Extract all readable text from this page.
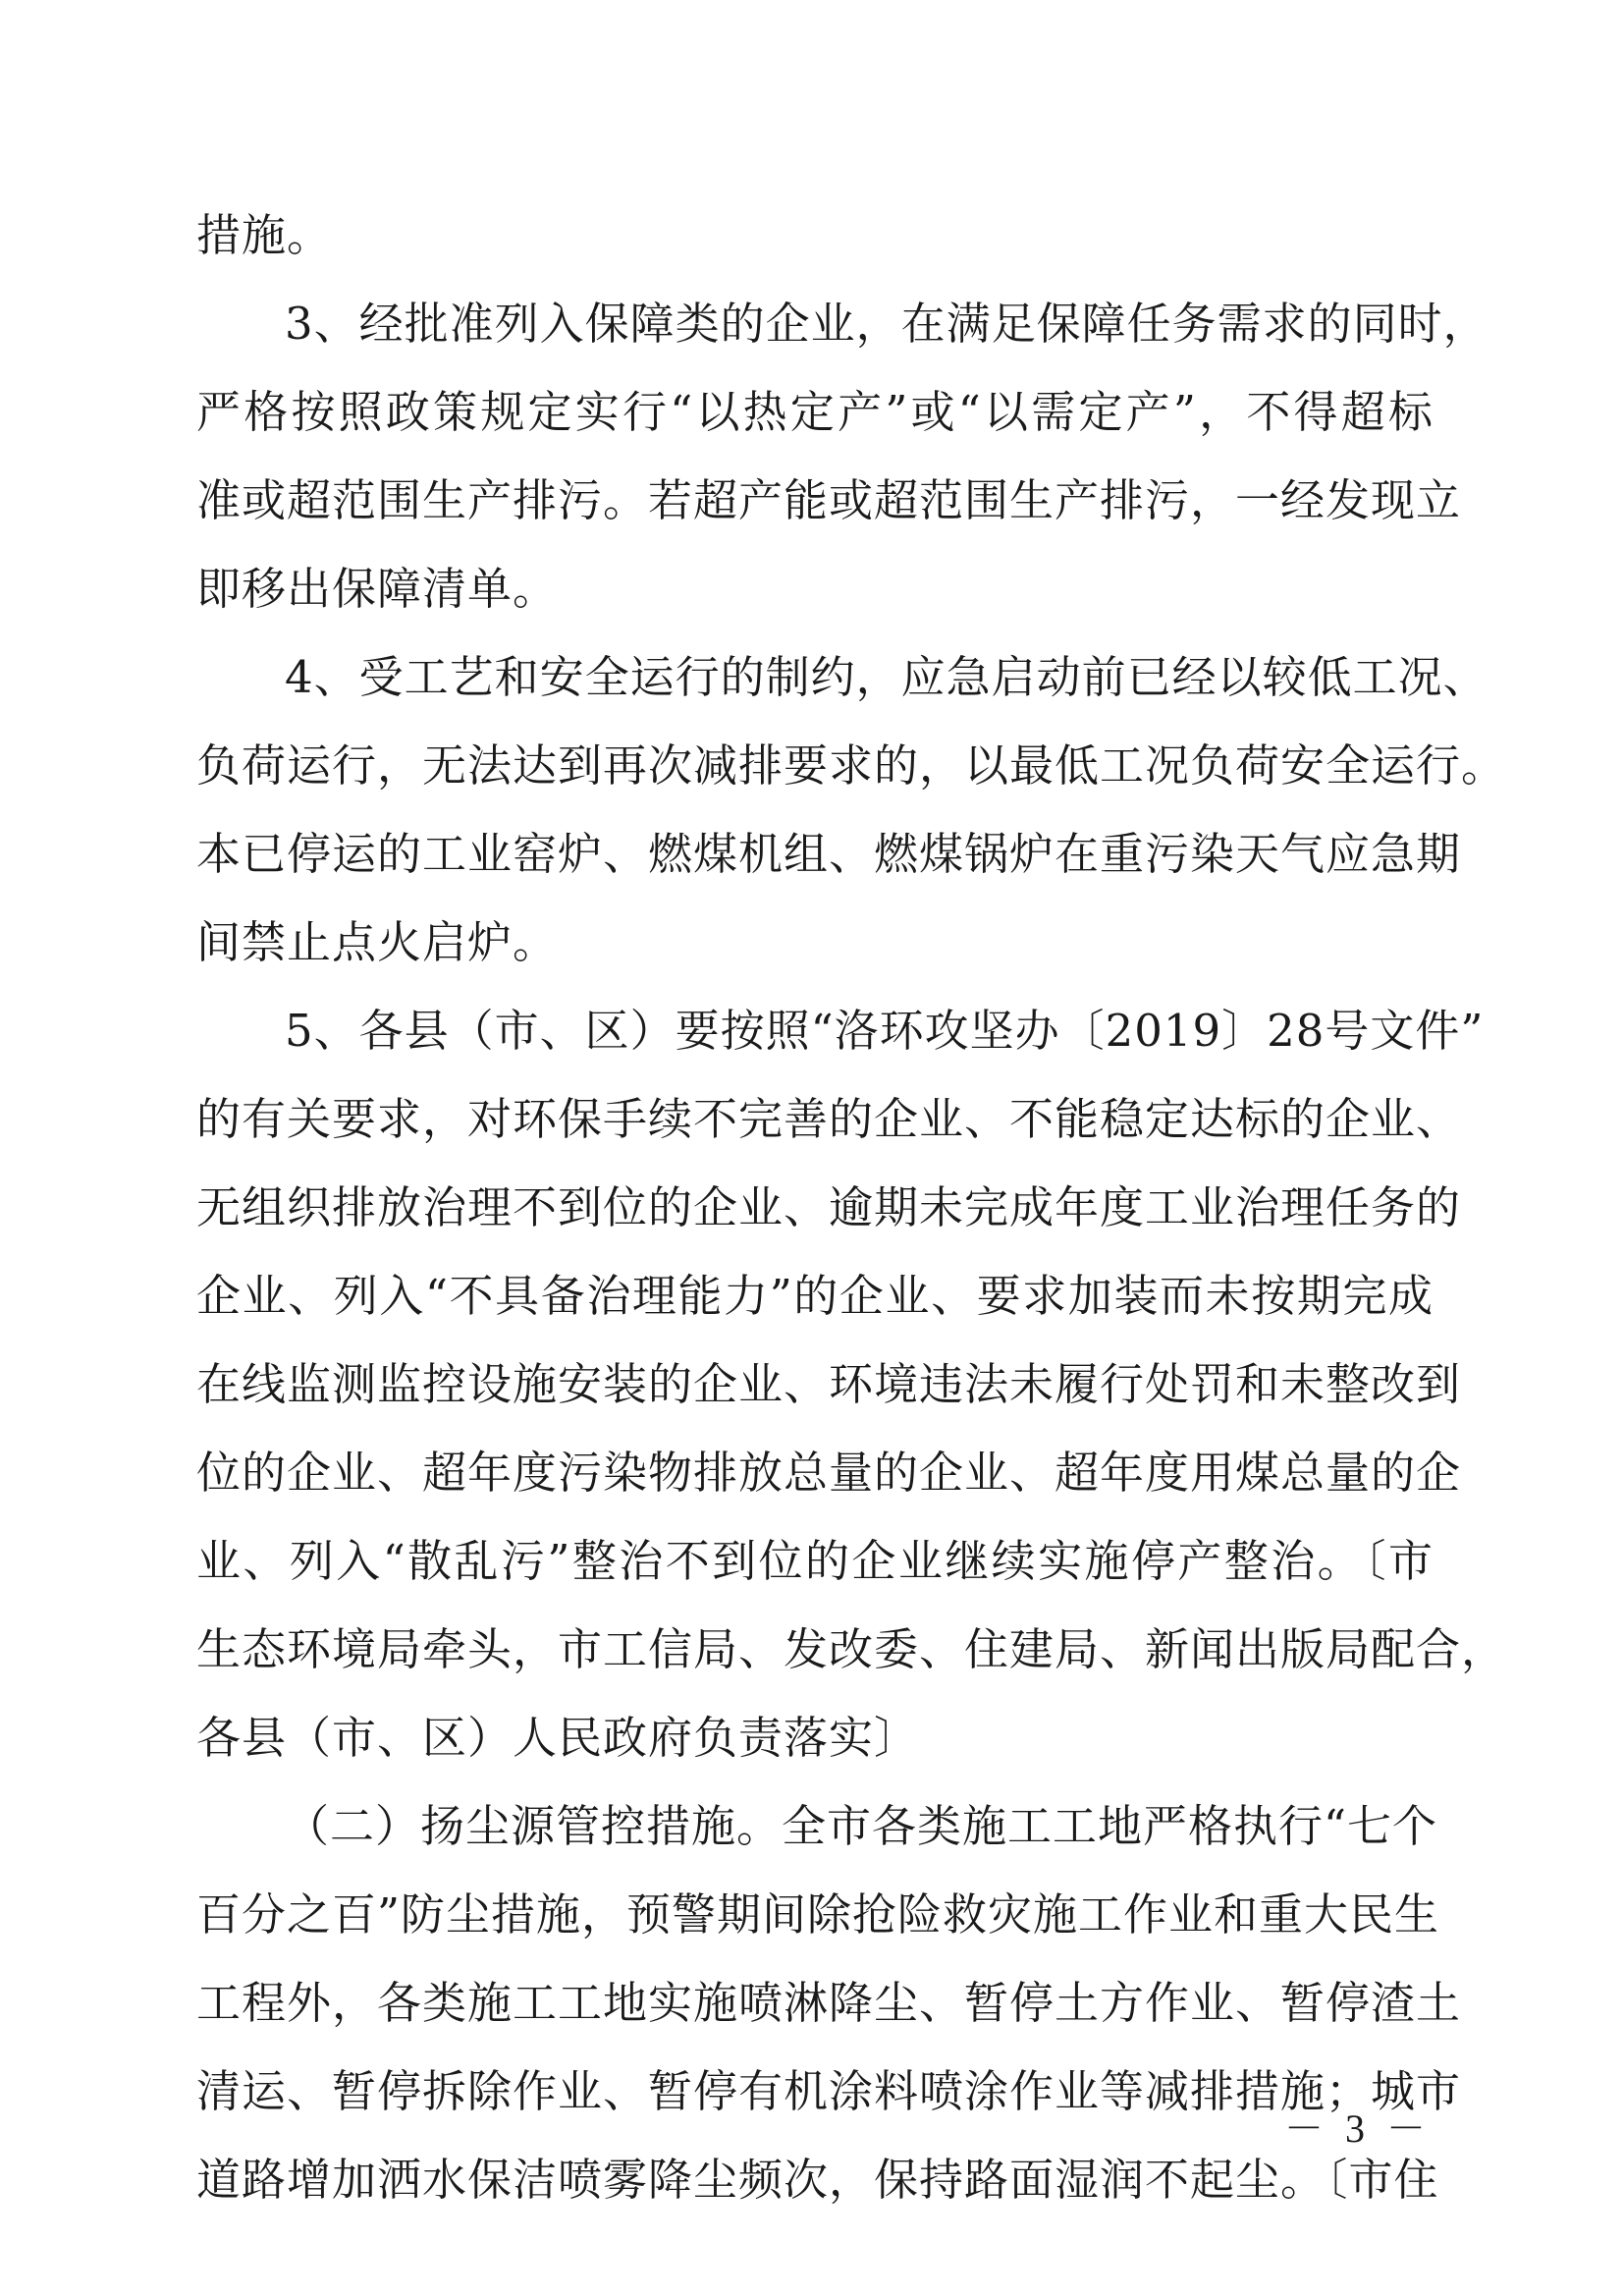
措施。
3、经批准列入保障类的企业，在满足保障任务需求的同时，
严格按照政策规定实行“以热定产”或“以需定产”，不得超标
准或超范围生产排污。若超产能或超范围生产排污，一经发现立
即移出保障清单。
4、受工艺和安全运行的制约，应急启动前已经以较低工况、
负荷运行，无法达到再次减排要求的，以最低工况负荷安全运行。
本已停运的工业窑炉、燃煤机组、燃煤锅炉在重污染天气应急期
间禁止点火启炉。
5、各县（市、区）要按照“洛环攻坚办〔2019〕28号文件”
的有关要求，对环保手续不完善的企业、不能稳定达标的企业、
无组织排放治理不到位的企业、逾期未完成年度工业治理任务的
企业、列入“不具备治理能力”的企业、要求加装而未按期完成
在线监测监控设施安装的企业、环境违法未履行处罚和未整改到
位的企业、超年度污染物排放总量的企业、超年度用煤总量的企
业、列入“散乱污”整治不到位的企业继续实施停产整治。〔市
生态环境局牵头，市工信局、发改委、住建局、新闻出版局配合，
各县（市、区）人民政府负责落实〕
（二）扬尘源管控措施。全市各类施工工地严格执行“七个
百分之百”防尘措施，预警期间除抢险救灾施工作业和重大民生
工程外，各类施工工地实施喷淋降尘、暂停土方作业、暂停渣土
清运、暂停拆除作业、暂停有机涂料喷涂作业等减排措施；城市
道路增加洒水保洁喷雾降尘频次，保持路面湿润不起尘。〔市住
－ 3 －
